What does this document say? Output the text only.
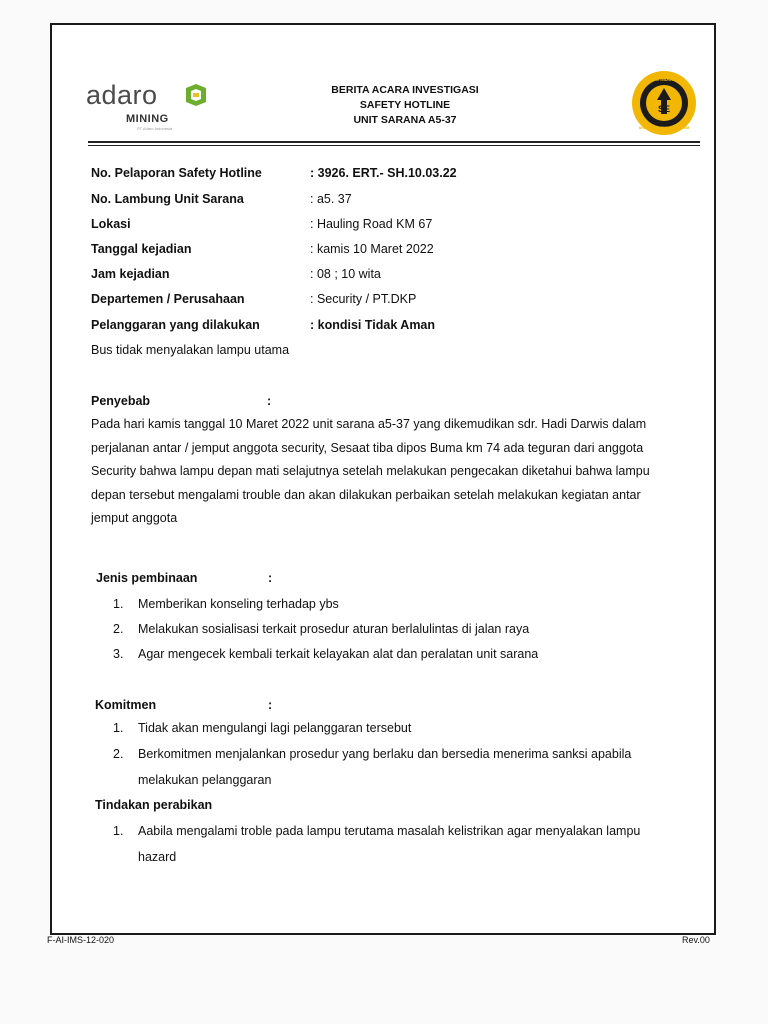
adaro
MINING
PT Adaro Indonesia
BERITA ACARA INVESTIGASI
SAFETY HOTLINE
UNIT SARANA A5-37
SE
ADARO INDONESIA
SHE MANAGEMENT SYSTEM
No. Pelaporan Safety Hotline	: 3926. ERT.- SH.10.03.22
No. Lambung Unit Sarana	: a5. 37
Lokasi	: Hauling Road KM 67
Tanggal kejadian	: kamis 10 Maret 2022
Jam kejadian	: 08 ; 10 wita
Departemen / Perusahaan	: Security / PT.DKP
Pelanggaran yang dilakukan	: kondisi Tidak Aman
Bus tidak menyalakan lampu utama
Penyebab	:
Pada hari kamis tanggal 10 Maret 2022 unit sarana a5-37 yang dikemudikan sdr. Hadi Darwis dalam
perjalanan antar / jemput anggota security, Sesaat tiba dipos Buma km 74 ada teguran dari anggota
Security bahwa lampu depan mati selajutnya setelah melakukan pengecakan diketahui bahwa lampu
depan tersebut mengalami trouble dan akan dilakukan perbaikan setelah melakukan kegiatan antar
jemput anggota
Jenis pembinaan	:
1. Memberikan konseling terhadap ybs
2. Melakukan sosialisasi terkait prosedur aturan berlalulintas di jalan raya
3. Agar mengecek kembali terkait kelayakan alat dan peralatan unit sarana
Komitmen	:
1. Tidak akan mengulangi lagi pelanggaran tersebut
2. Berkomitmen menjalankan prosedur yang berlaku dan bersedia menerima sanksi apabila
melakukan pelanggaran
Tindakan perabikan
1. Aabila mengalami troble pada lampu terutama masalah kelistrikan agar menyalakan lampu
hazard
F-AI-IMS-12-020	Rev.00
